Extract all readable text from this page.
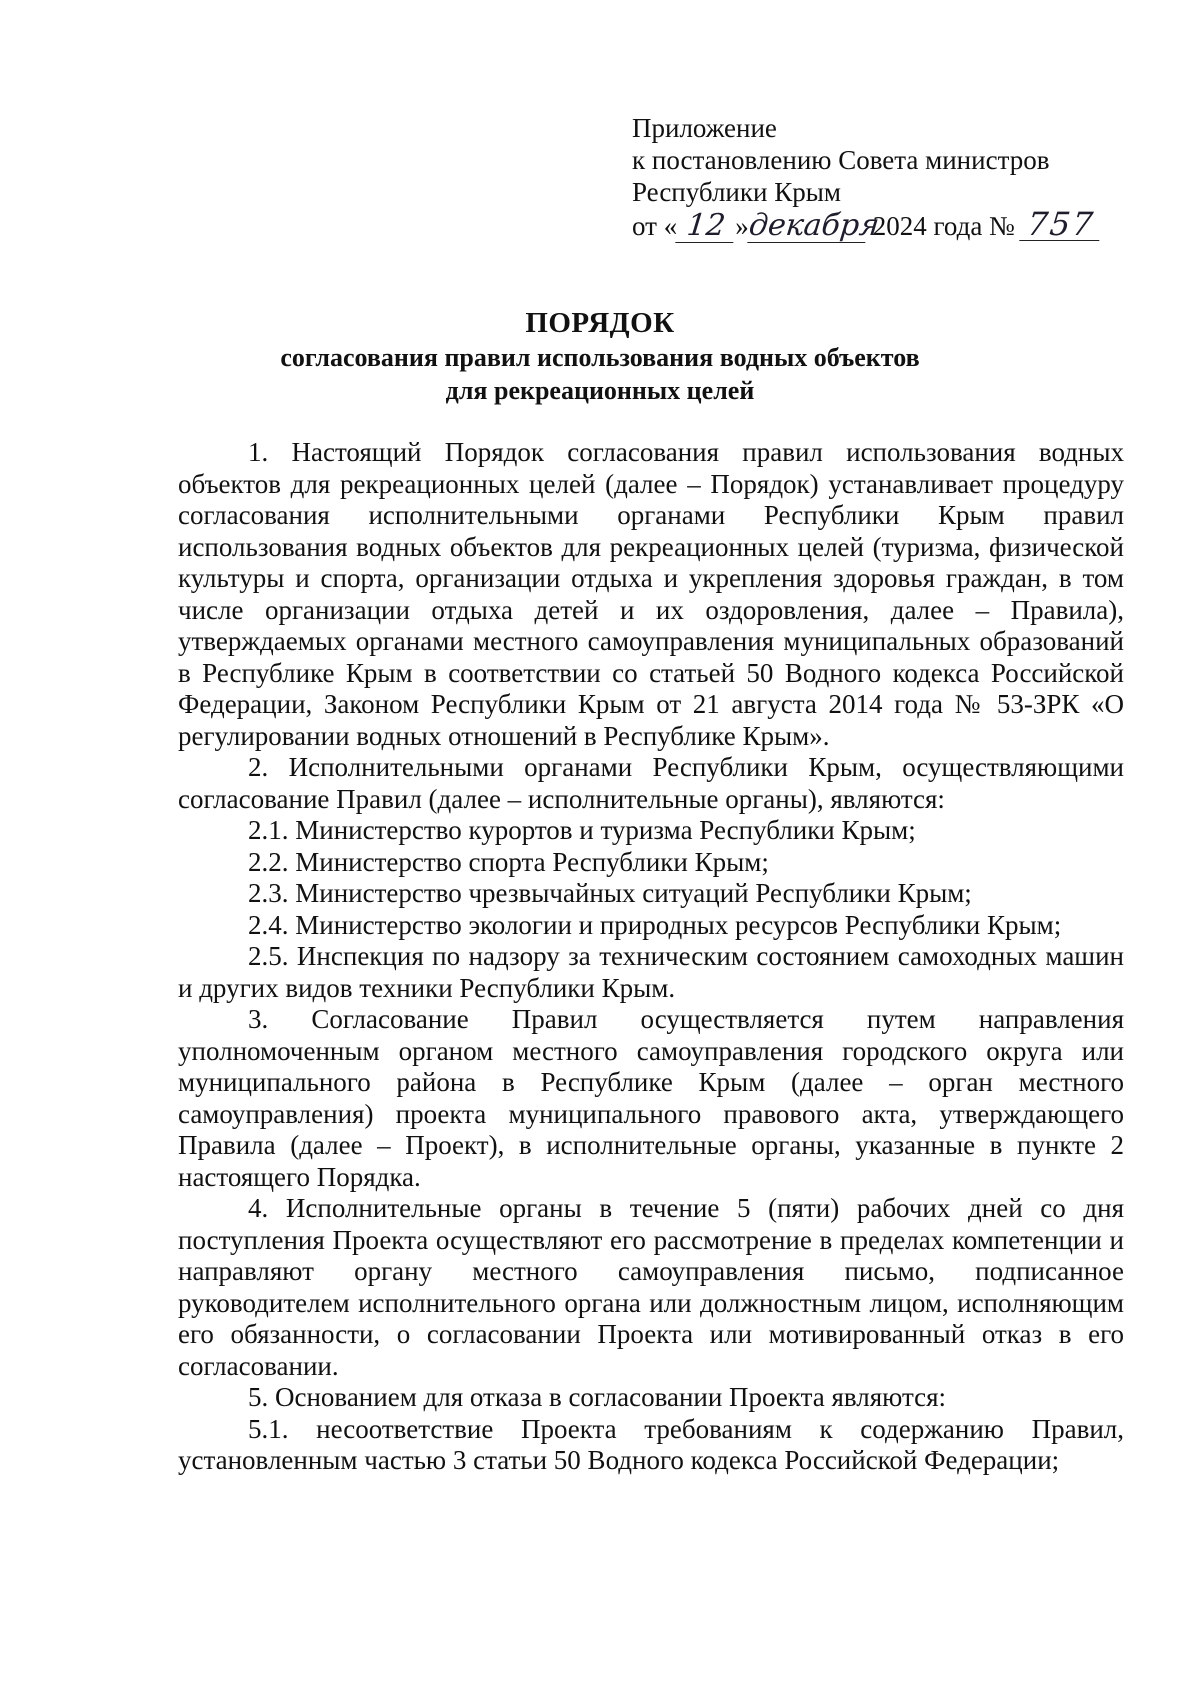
Приложение
к постановлению Совета министров
Республики Крым
от « 12 »
декабря
2024 года № 757
ПОРЯДОК
согласования правил использования водных объектов
для рекреационных целей

1. Настоящий Порядок согласования правил использования водных объектов для рекреационных целей (далее – Порядок) устанавливает процедуру согласования исполнительными органами Республики Крым правил использования водных объектов для рекреационных целей (туризма, физической культуры и спорта, организации отдыха и укрепления здоровья граждан, в том числе организации отдыха детей и их оздоровления, далее – Правила), утверждаемых органами местного самоуправления муниципальных образований в Республике Крым в соответствии со статьей 50 Водного кодекса Российской Федерации, Законом Республики Крым от 21 августа 2014 года № 53-ЗРК «О регулировании водных отношений в Республике Крым».

2. Исполнительными органами Республики Крым, осуществляющими согласование Правил (далее – исполнительные органы), являются:

2.1. Министерство курортов и туризма Республики Крым;

2.2. Министерство спорта Республики Крым;

2.3. Министерство чрезвычайных ситуаций Республики Крым;

2.4. Министерство экологии и природных ресурсов Республики Крым;

2.5. Инспекция по надзору за техническим состоянием самоходных машин и других видов техники Республики Крым.

3. Согласование Правил осуществляется путем направления уполномоченным органом местного самоуправления городского округа или муниципального района в Республике Крым (далее – орган местного самоуправления) проекта муниципального правового акта, утверждающего Правила (далее – Проект), в исполнительные органы, указанные в пункте 2 настоящего Порядка.

4. Исполнительные органы в течение 5 (пяти) рабочих дней со дня поступления Проекта осуществляют его рассмотрение в пределах компетенции и направляют органу местного самоуправления письмо, подписанное руководителем исполнительного органа или должностным лицом, исполняющим его обязанности, о согласовании Проекта или мотивированный отказ в его согласовании.

5. Основанием для отказа в согласовании Проекта являются:

5.1. несоответствие Проекта требованиям к содержанию Правил, установленным частью 3 статьи 50 Водного кодекса Российской Федерации;
